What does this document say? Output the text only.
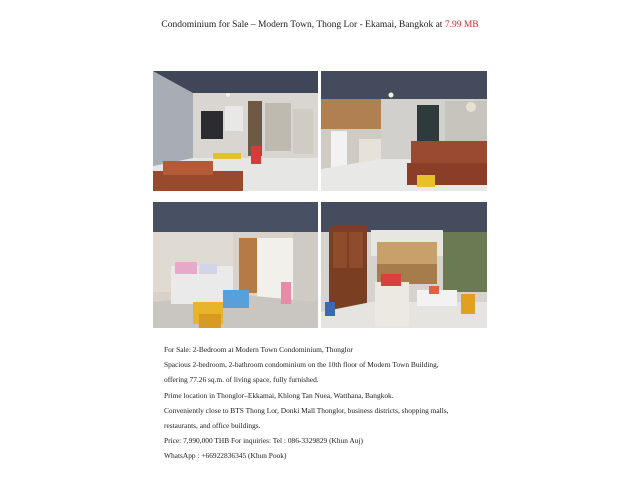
Condominium for Sale – Modern Town, Thong Lor - Ekamai, Bangkok at 7.99 MB

For Sale: 2-Bedroom at Modern Town Condominium, Thonglor

Spacious 2-bedroom, 2-bathroom condominium on the 10th floor of Modern Town Building,

offering 77.26 sq.m. of living space, fully furnished.

Prime location in Thonglor–Ekkamai, Khlong Tan Nuea, Watthana, Bangkok.

Conveniently close to BTS Thong Lor, Donki Mall Thonglor, business districts, shopping malls,

restaurants, and office buildings.

Price: 7,990,000 THB For inquiries: Tel : 086-3329829 (Khun Auj)

WhatsApp : +66922836345 (Khun Pook)
